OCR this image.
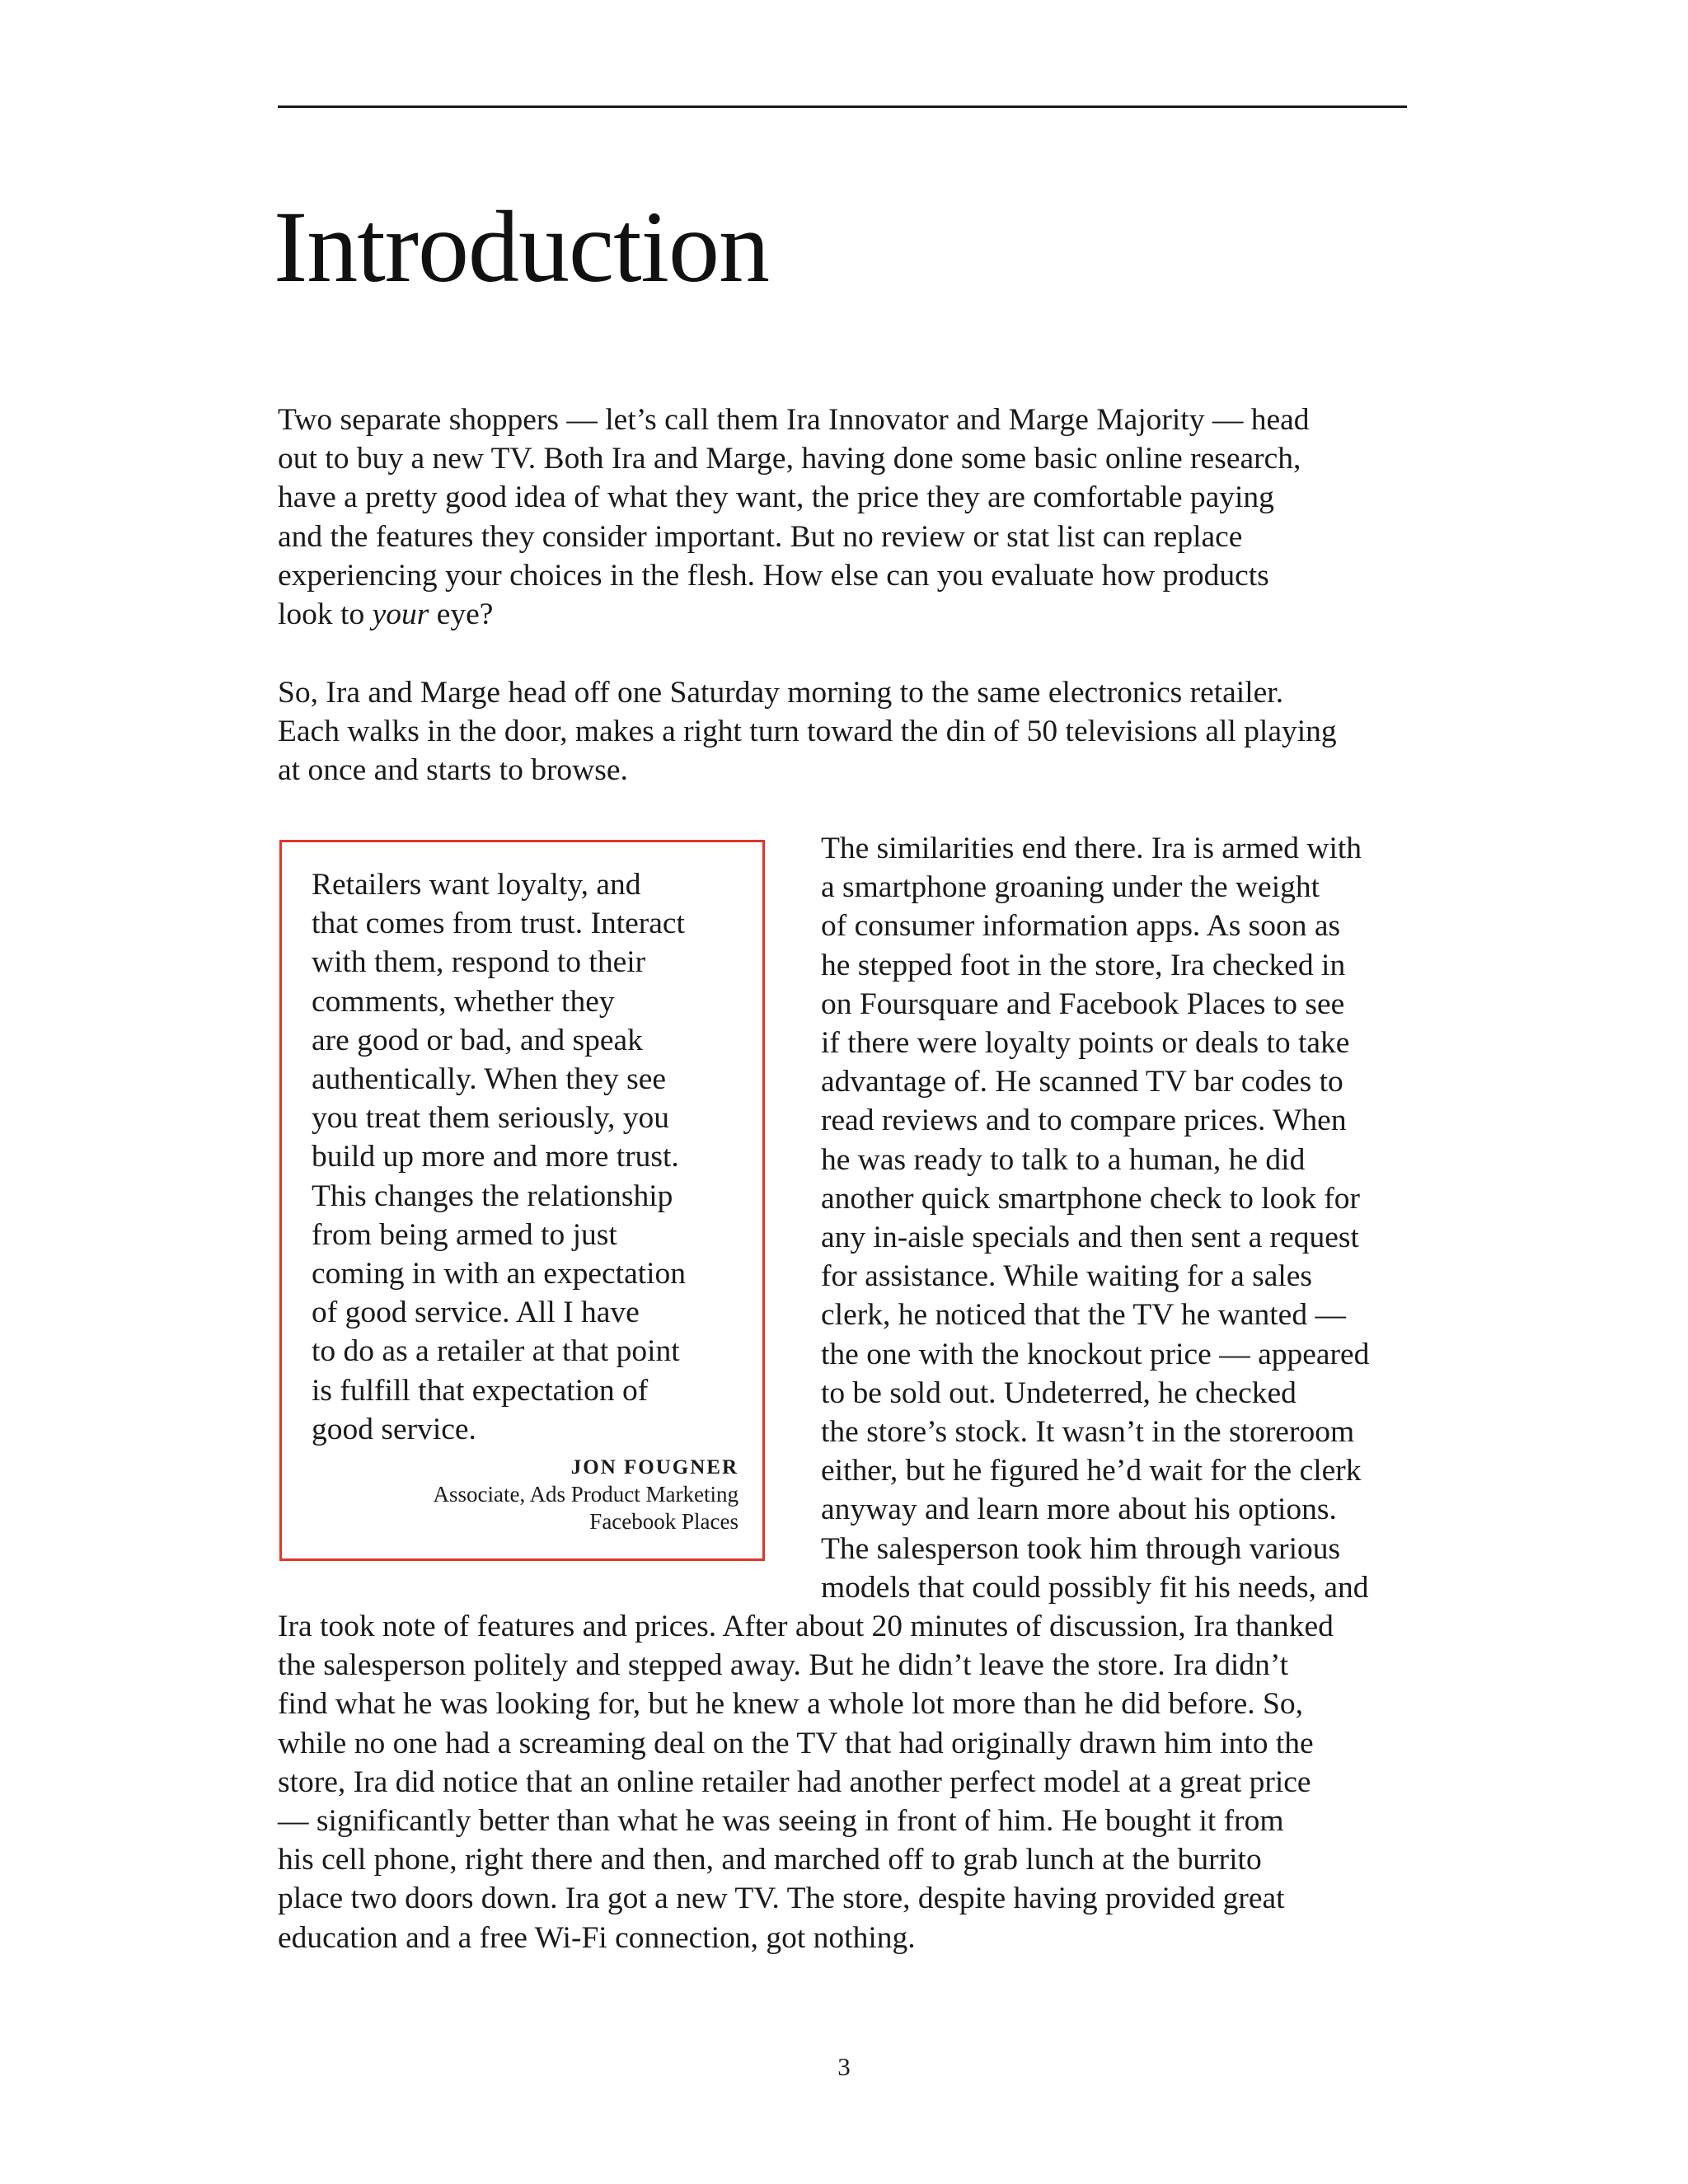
Introduction

Two separate shoppers — let’s call them Ira Innovator and Marge Majority — head
out to buy a new TV. Both Ira and Marge, having done some basic online research,
have a pretty good idea of what they want, the price they are comfortable paying
and the features they consider important. But no review or stat list can replace
experiencing your choices in the flesh. How else can you evaluate how products
look to your eye?

So, Ira and Marge head off one Saturday morning to the same electronics retailer.
Each walks in the door, makes a right turn toward the din of 50 televisions all playing
at once and starts to browse.

Retailers want loyalty, and
that comes from trust. Interact
with them, respond to their
comments, whether they
are good or bad, and speak
authentically. When they see
you treat them seriously, you
build up more and more trust.
This changes the relationship
from being armed to just
coming in with an expectation
of good service. All I have
to do as a retailer at that point
is fulfill that expectation of
good service.

JON FOUGNER
Associate, Ads Product Marketing
Facebook Places

The similarities end there. Ira is armed with
a smartphone groaning under the weight
of consumer information apps. As soon as
he stepped foot in the store, Ira checked in
on Foursquare and Facebook Places to see
if there were loyalty points or deals to take
advantage of. He scanned TV bar codes to
read reviews and to compare prices. When
he was ready to talk to a human, he did
another quick smartphone check to look for
any in-aisle specials and then sent a request
for assistance. While waiting for a sales
clerk, he noticed that the TV he wanted —
the one with the knockout price — appeared
to be sold out. Undeterred, he checked
the store’s stock. It wasn’t in the storeroom
either, but he figured he’d wait for the clerk
anyway and learn more about his options.
The salesperson took him through various
models that could possibly fit his needs, and

Ira took note of features and prices. After about 20 minutes of discussion, Ira thanked
the salesperson politely and stepped away. But he didn’t leave the store. Ira didn’t
find what he was looking for, but he knew a whole lot more than he did before. So,
while no one had a screaming deal on the TV that had originally drawn him into the
store, Ira did notice that an online retailer had another perfect model at a great price
— significantly better than what he was seeing in front of him. He bought it from
his cell phone, right there and then, and marched off to grab lunch at the burrito
place two doors down. Ira got a new TV. The store, despite having provided great
education and a free Wi-Fi connection, got nothing.

3
